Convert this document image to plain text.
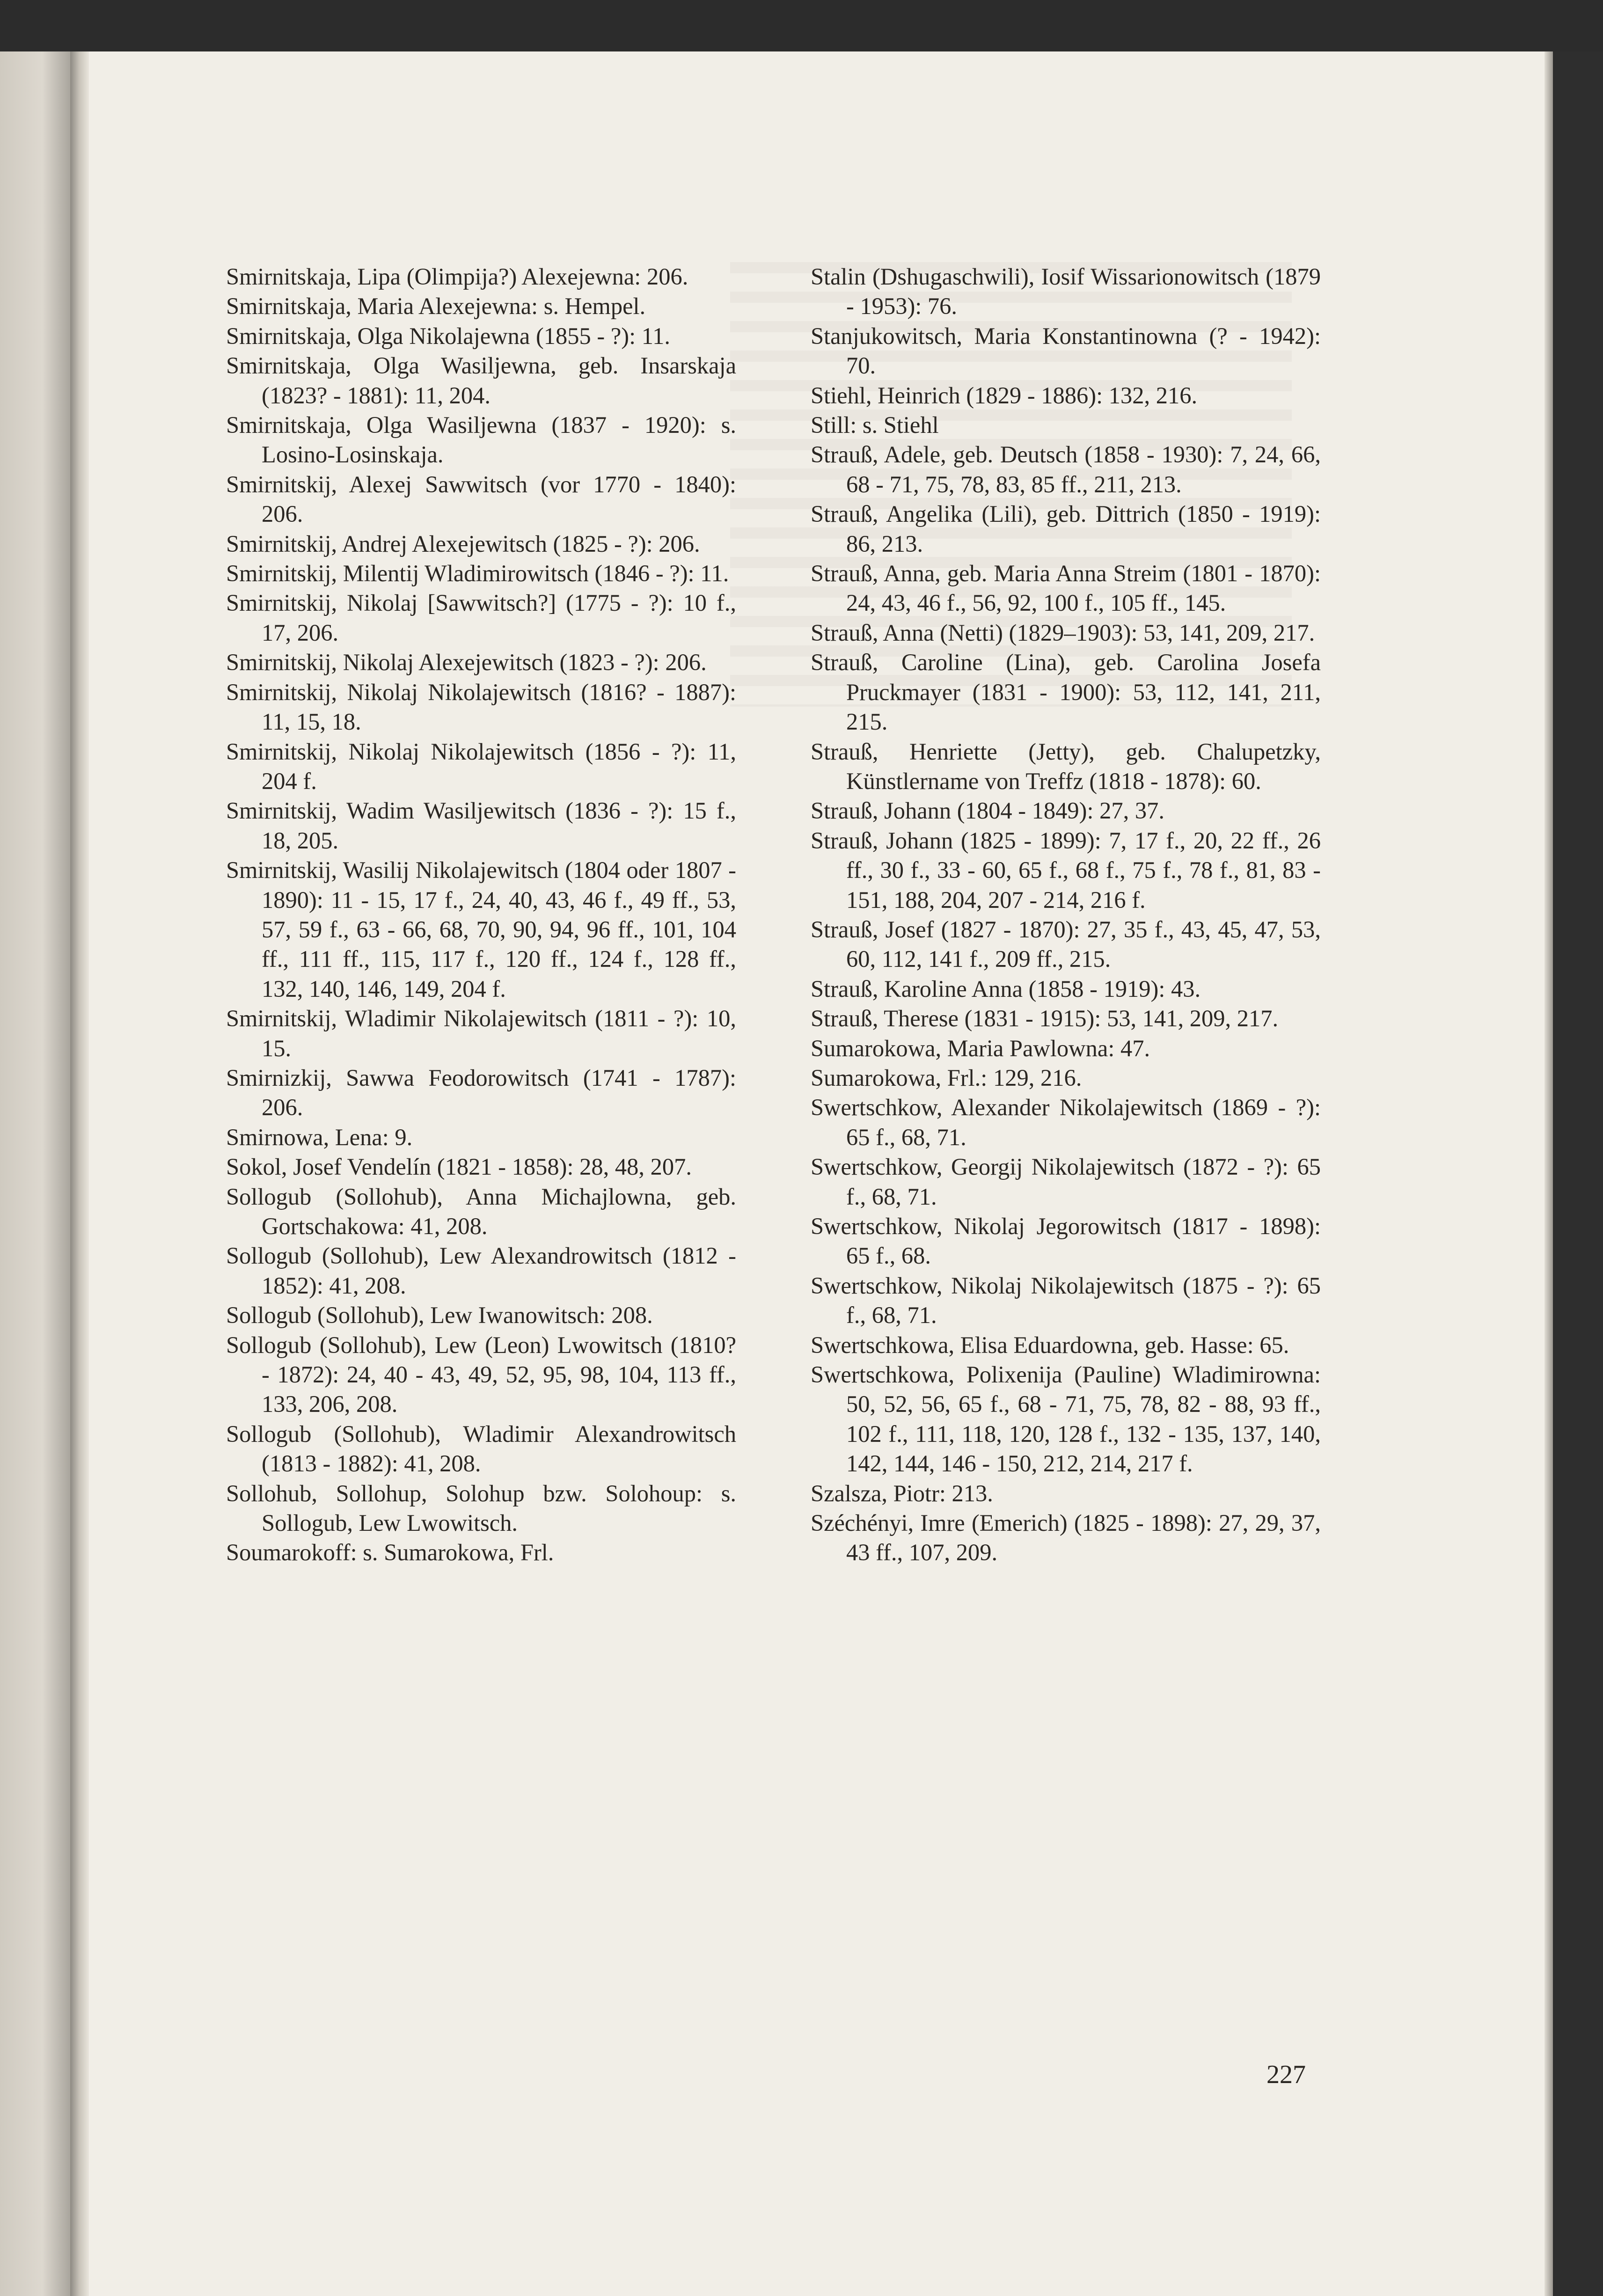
Smirnitskaja, Lipa (Olimpija?) Alexejewna: 206.
Smirnitskaja, Maria Alexejewna: s. Hempel.
Smirnitskaja, Olga Nikolajewna (1855 - ?): 11.
Smirnitskaja, Olga Wasiljewna, geb. Insarskaja (1823? - 1881): 11, 204.
Smirnitskaja, Olga Wasiljewna (1837 - 1920): s. Losino-Losinskaja.
Smirnitskij, Alexej Sawwitsch (vor 1770 - 1840): 206.
Smirnitskij, Andrej Alexejewitsch (1825 - ?): 206.
Smirnitskij, Milentij Wladimirowitsch (1846 - ?): 11.
Smirnitskij, Nikolaj [Sawwitsch?] (1775 - ?): 10 f., 17, 206.
Smirnitskij, Nikolaj Alexejewitsch (1823 - ?): 206.
Smirnitskij, Nikolaj Nikolajewitsch (1816? - 1887): 11, 15, 18.
Smirnitskij, Nikolaj Nikolajewitsch (1856 - ?): 11, 204 f.
Smirnitskij, Wadim Wasiljewitsch (1836 - ?): 15 f., 18, 205.
Smirnitskij, Wasilij Nikolajewitsch (1804 oder 1807 - 1890): 11 - 15, 17 f., 24, 40, 43, 46 f., 49 ff., 53, 57, 59 f., 63 - 66, 68, 70, 90, 94, 96 ff., 101, 104 ff., 111 ff., 115, 117 f., 120 ff., 124 f., 128 ff., 132, 140, 146, 149, 204 f.
Smirnitskij, Wladimir Nikolajewitsch (1811 - ?): 10, 15.
Smirnizkij, Sawwa Feodorowitsch (1741 - 1787): 206.
Smirnowa, Lena: 9.
Sokol, Josef Vendelín (1821 - 1858): 28, 48, 207.
Sollogub (Sollohub), Anna Michajlowna, geb. Gortschakowa: 41, 208.
Sollogub (Sollohub), Lew Alexandrowitsch (1812 - 1852): 41, 208.
Sollogub (Sollohub), Lew Iwanowitsch: 208.
Sollogub (Sollohub), Lew (Leon) Lwowitsch (1810? - 1872): 24, 40 - 43, 49, 52, 95, 98, 104, 113 ff., 133, 206, 208.
Sollogub (Sollohub), Wladimir Alexandrowitsch (1813 - 1882): 41, 208.
Sollohub, Sollohup, Solohup bzw. Solohoup: s. Sollogub, Lew Lwowitsch.
Soumarokoff: s. Sumarokowa, Frl.
Stalin (Dshugaschwili), Iosif Wissarionowitsch (1879 - 1953): 76.
Stanjukowitsch, Maria Konstantinowna (? - 1942): 70.
Stiehl, Heinrich (1829 - 1886): 132, 216.
Still: s. Stiehl
Strauß, Adele, geb. Deutsch (1858 - 1930): 7, 24, 66, 68 - 71, 75, 78, 83, 85 ff., 211, 213.
Strauß, Angelika (Lili), geb. Dittrich (1850 - 1919): 86, 213.
Strauß, Anna, geb. Maria Anna Streim (1801 - 1870): 24, 43, 46 f., 56, 92, 100 f., 105 ff., 145.
Strauß, Anna (Netti) (1829–1903): 53, 141, 209, 217.
Strauß, Caroline (Lina), geb. Carolina Josefa Pruckmayer (1831 - 1900): 53, 112, 141, 211, 215.
Strauß, Henriette (Jetty), geb. Chalupetzky, Künstlername von Treffz (1818 - 1878): 60.
Strauß, Johann (1804 - 1849): 27, 37.
Strauß, Johann (1825 - 1899): 7, 17 f., 20, 22 ff., 26 ff., 30 f., 33 - 60, 65 f., 68 f., 75 f., 78 f., 81, 83 - 151, 188, 204, 207 - 214, 216 f.
Strauß, Josef (1827 - 1870): 27, 35 f., 43, 45, 47, 53, 60, 112, 141 f., 209 ff., 215.
Strauß, Karoline Anna (1858 - 1919): 43.
Strauß, Therese (1831 - 1915): 53, 141, 209, 217.
Sumarokowa, Maria Pawlowna: 47.
Sumarokowa, Frl.: 129, 216.
Swertschkow, Alexander Nikolajewitsch (1869 - ?): 65 f., 68, 71.
Swertschkow, Georgij Nikolajewitsch (1872 - ?): 65 f., 68, 71.
Swertschkow, Nikolaj Jegorowitsch (1817 - 1898): 65 f., 68.
Swertschkow, Nikolaj Nikolajewitsch (1875 - ?): 65 f., 68, 71.
Swertschkowa, Elisa Eduardowna, geb. Hasse: 65.
Swertschkowa, Polixenija (Pauline) Wladimirowna: 50, 52, 56, 65 f., 68 - 71, 75, 78, 82 - 88, 93 ff., 102 f., 111, 118, 120, 128 f., 132 - 135, 137, 140, 142, 144, 146 - 150, 212, 214, 217 f.
Szalsza, Piotr: 213.
Széchényi, Imre (Emerich) (1825 - 1898): 27, 29, 37, 43 ff., 107, 209.
227
